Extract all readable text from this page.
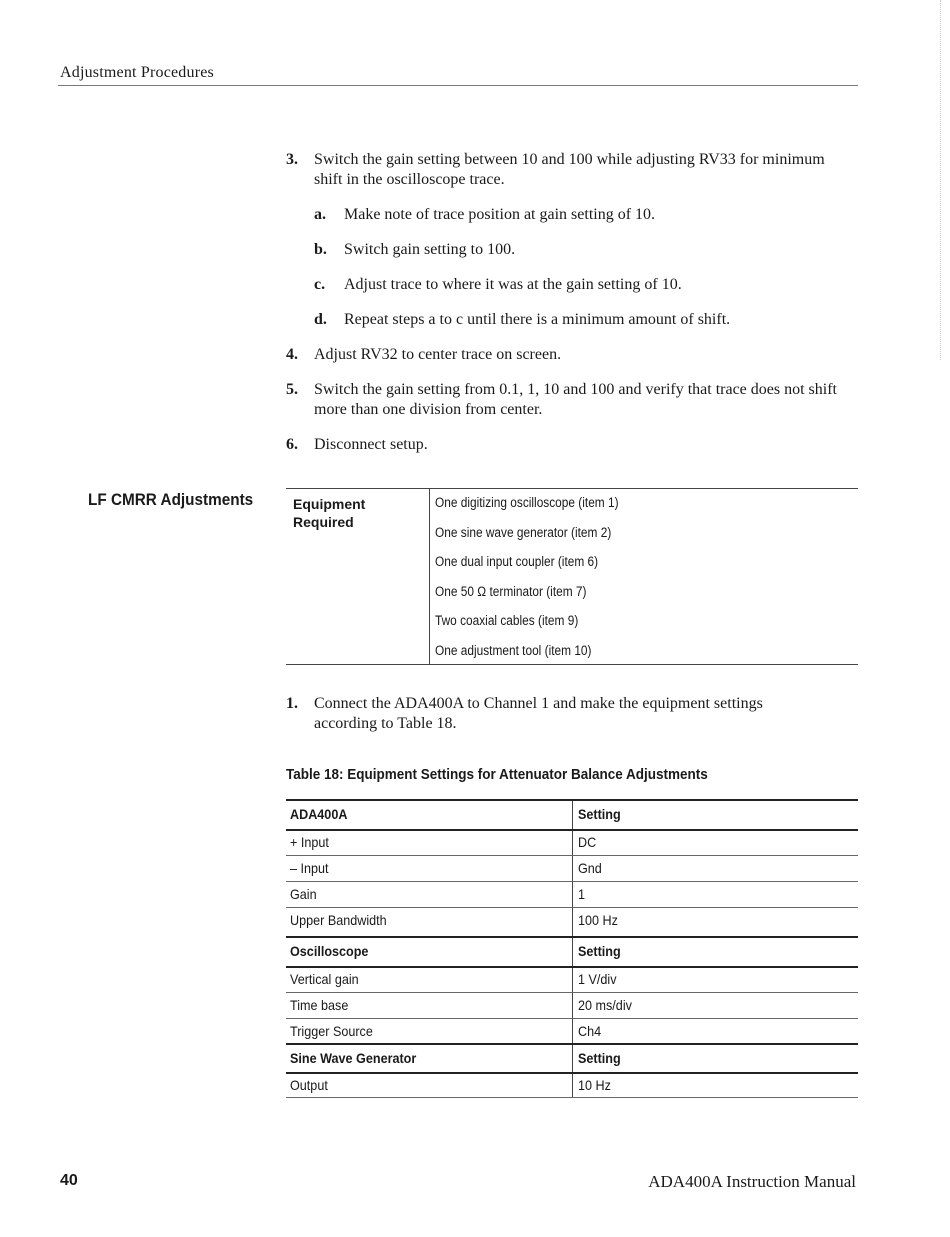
Adjustment Procedures
3. Switch the gain setting between 10 and 100 while adjusting RV33 for minimum shift in the oscilloscope trace.
a. Make note of trace position at gain setting of 10.
b. Switch gain setting to 100.
c. Adjust trace to where it was at the gain setting of 10.
d. Repeat steps a to c until there is a minimum amount of shift.
4. Adjust RV32 to center trace on screen.
5. Switch the gain setting from 0.1, 1, 10 and 100 and verify that trace does not shift more than one division from center.
6. Disconnect setup.
LF CMRR Adjustments	Equipment Required
One digitizing oscilloscope (item 1)
One sine wave generator (item 2)
One dual input coupler (item 6)
One 50 Ω terminator (item 7)
Two coaxial cables (item 9)
One adjustment tool (item 10)
1. Connect the ADA400A to Channel 1 and make the equipment settings according to Table 18.
Table 18: Equipment Settings for Attenuator Balance Adjustments
ADA400A	Setting
+ Input	DC
– Input	Gnd
Gain	1
Upper Bandwidth	100 Hz
Oscilloscope	Setting
Vertical gain	1 V/div
Time base	20 ms/div
Trigger Source	Ch4
Sine Wave Generator	Setting
Output	10 Hz
40	ADA400A Instruction Manual
